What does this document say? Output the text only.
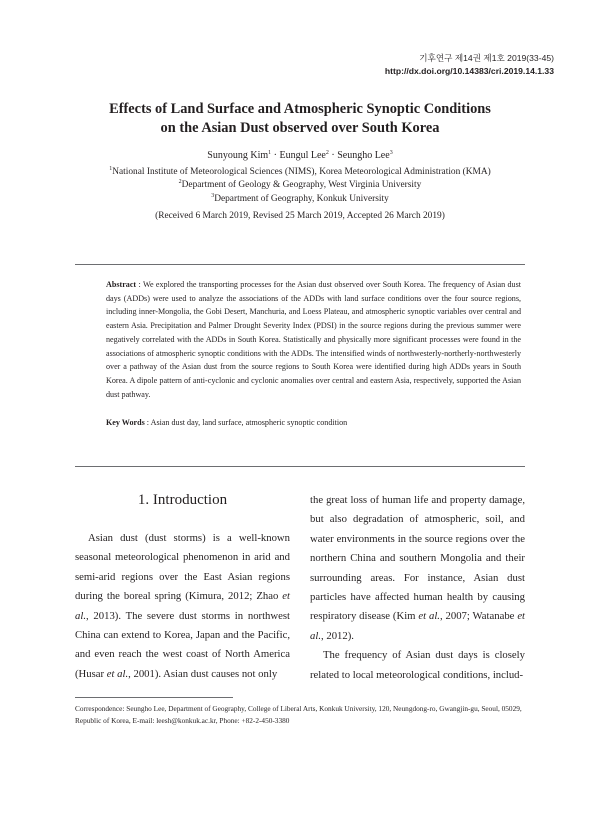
기후연구 제14권 제1호 2019(33-45)
http://dx.doi.org/10.14383/cri.2019.14.1.33
Effects of Land Surface and Atmospheric Synoptic Conditions
on the Asian Dust observed over South Korea
Sunyoung Kim$^1$ · Eungul Lee$^2$ · Seungho Lee$^3$
$^1$National Institute of Meteorological Sciences (NIMS), Korea Meteorological Administration (KMA)
$^2$Department of Geology & Geography, West Virginia University
$^3$Department of Geography, Konkuk University
(Received 6 March 2019, Revised 25 March 2019, Accepted 26 March 2019)
Abstract : We explored the transporting processes for the Asian dust observed over South Korea. The frequency of Asian dust days (ADDs) were used to analyze the associations of the ADDs with land surface conditions over the four source regions, including inner-Mongolia, the Gobi Desert, Manchuria, and Loess Plateau, and atmospheric synoptic variables over central and eastern Asia. Precipitation and Palmer Drought Severity Index (PDSI) in the source regions during the previous summer were negatively correlated with the ADDs in South Korea. Statistically and physically more significant processes were found in the associations of atmospheric synoptic conditions with the ADDs. The intensified winds of northwesterly-northerly-northwesterly over a pathway of the Asian dust from the source regions to South Korea were identified during high ADDs years in South Korea. A dipole pattern of anti-cyclonic and cyclonic anomalies over central and eastern Asia, respectively, supported the Asian dust pathway.
Key Words : Asian dust day, land surface, atmospheric synoptic condition
1. Introduction

Asian dust (dust storms) is a well-known seasonal meteorological phenomenon in arid and semi-arid regions over the East Asian regions during the boreal spring (Kimura, 2012; Zhao et al., 2013). The severe dust storms in northwest China can extend to Korea, Japan and the Pacific, and even reach the west coast of North America (Husar et al., 2001). Asian dust causes not only

the great loss of human life and property damage, but also degradation of atmospheric, soil, and water environments in the source regions over the northern China and southern Mongolia and their surrounding areas. For instance, Asian dust particles have affected human health by causing respiratory disease (Kim et al., 2007; Watanabe et al., 2012).

The frequency of Asian dust days is closely related to local meteorological conditions, includ-

Correspondence: Seungho Lee, Department of Geography, College of Liberal Arts, Konkuk University, 120, Neungdong-ro, Gwangjin-gu, Seoul, 05029, Republic of Korea, E-mail: leesh@konkuk.ac.kr, Phone: +82-2-450-3380
